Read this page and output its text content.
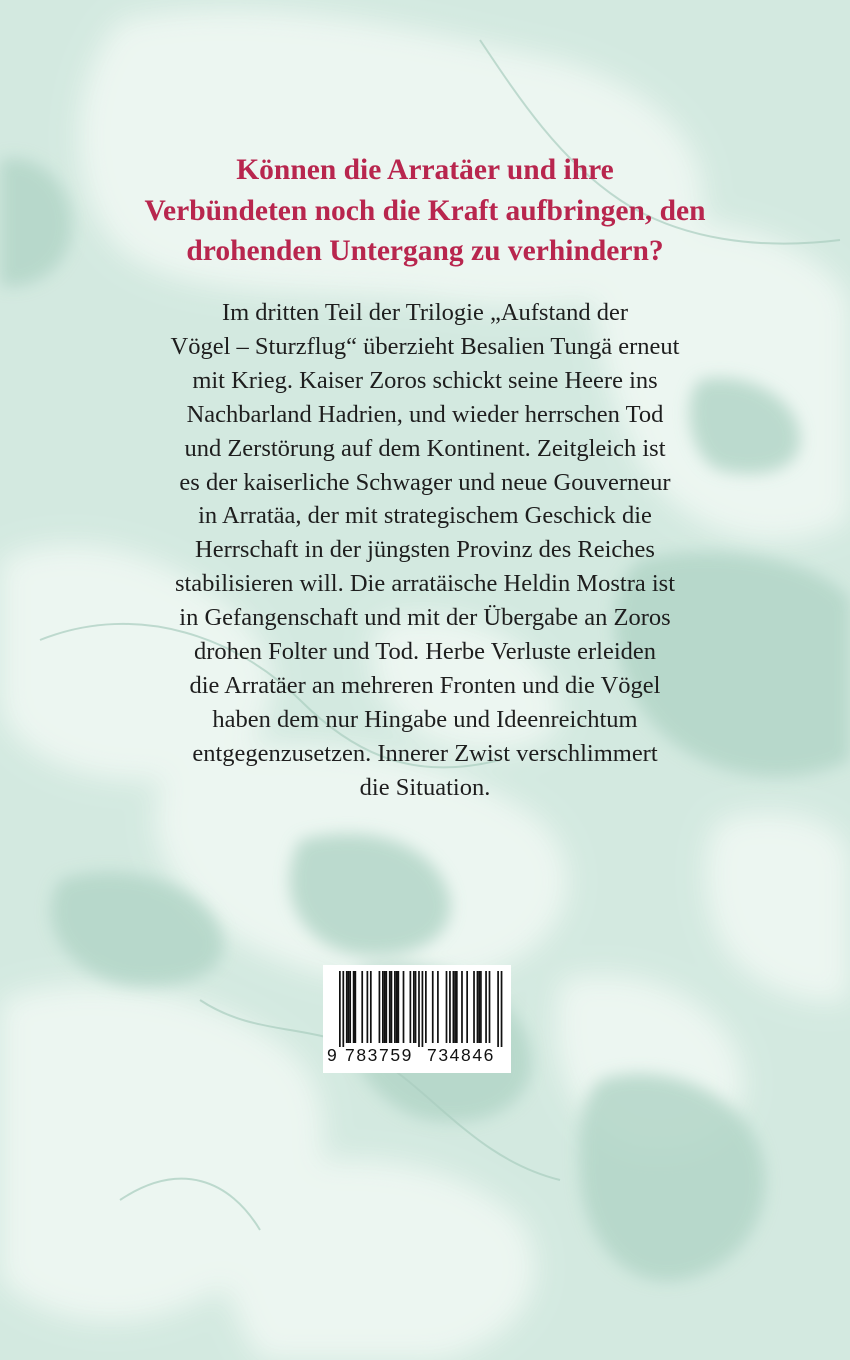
Können die Arratäer und ihre
Verbündeten noch die Kraft aufbringen, den
drohenden Untergang zu verhindern?

Im dritten Teil der Trilogie „Aufstand der
Vögel – Sturzflug“ überzieht Besalien Tungä erneut
mit Krieg. Kaiser Zoros schickt seine Heere ins
Nachbarland Hadrien, und wieder herrschen Tod
und Zerstörung auf dem Kontinent. Zeitgleich ist
es der kaiserliche Schwager und neue Gouverneur
in Arratäa, der mit strategischem Geschick die
Herrschaft in der jüngsten Provinz des Reiches
stabilisieren will. Die arratäische Heldin Mostra ist
in Gefangenschaft und mit der Übergabe an Zoros
drohen Folter und Tod. Herbe Verluste erleiden
die Arratäer an mehreren Fronten und die Vögel
haben dem nur Hingabe und Ideenreichtum
entgegenzusetzen. Innerer Zwist verschlimmert
die Situation.

9 783759 734846
